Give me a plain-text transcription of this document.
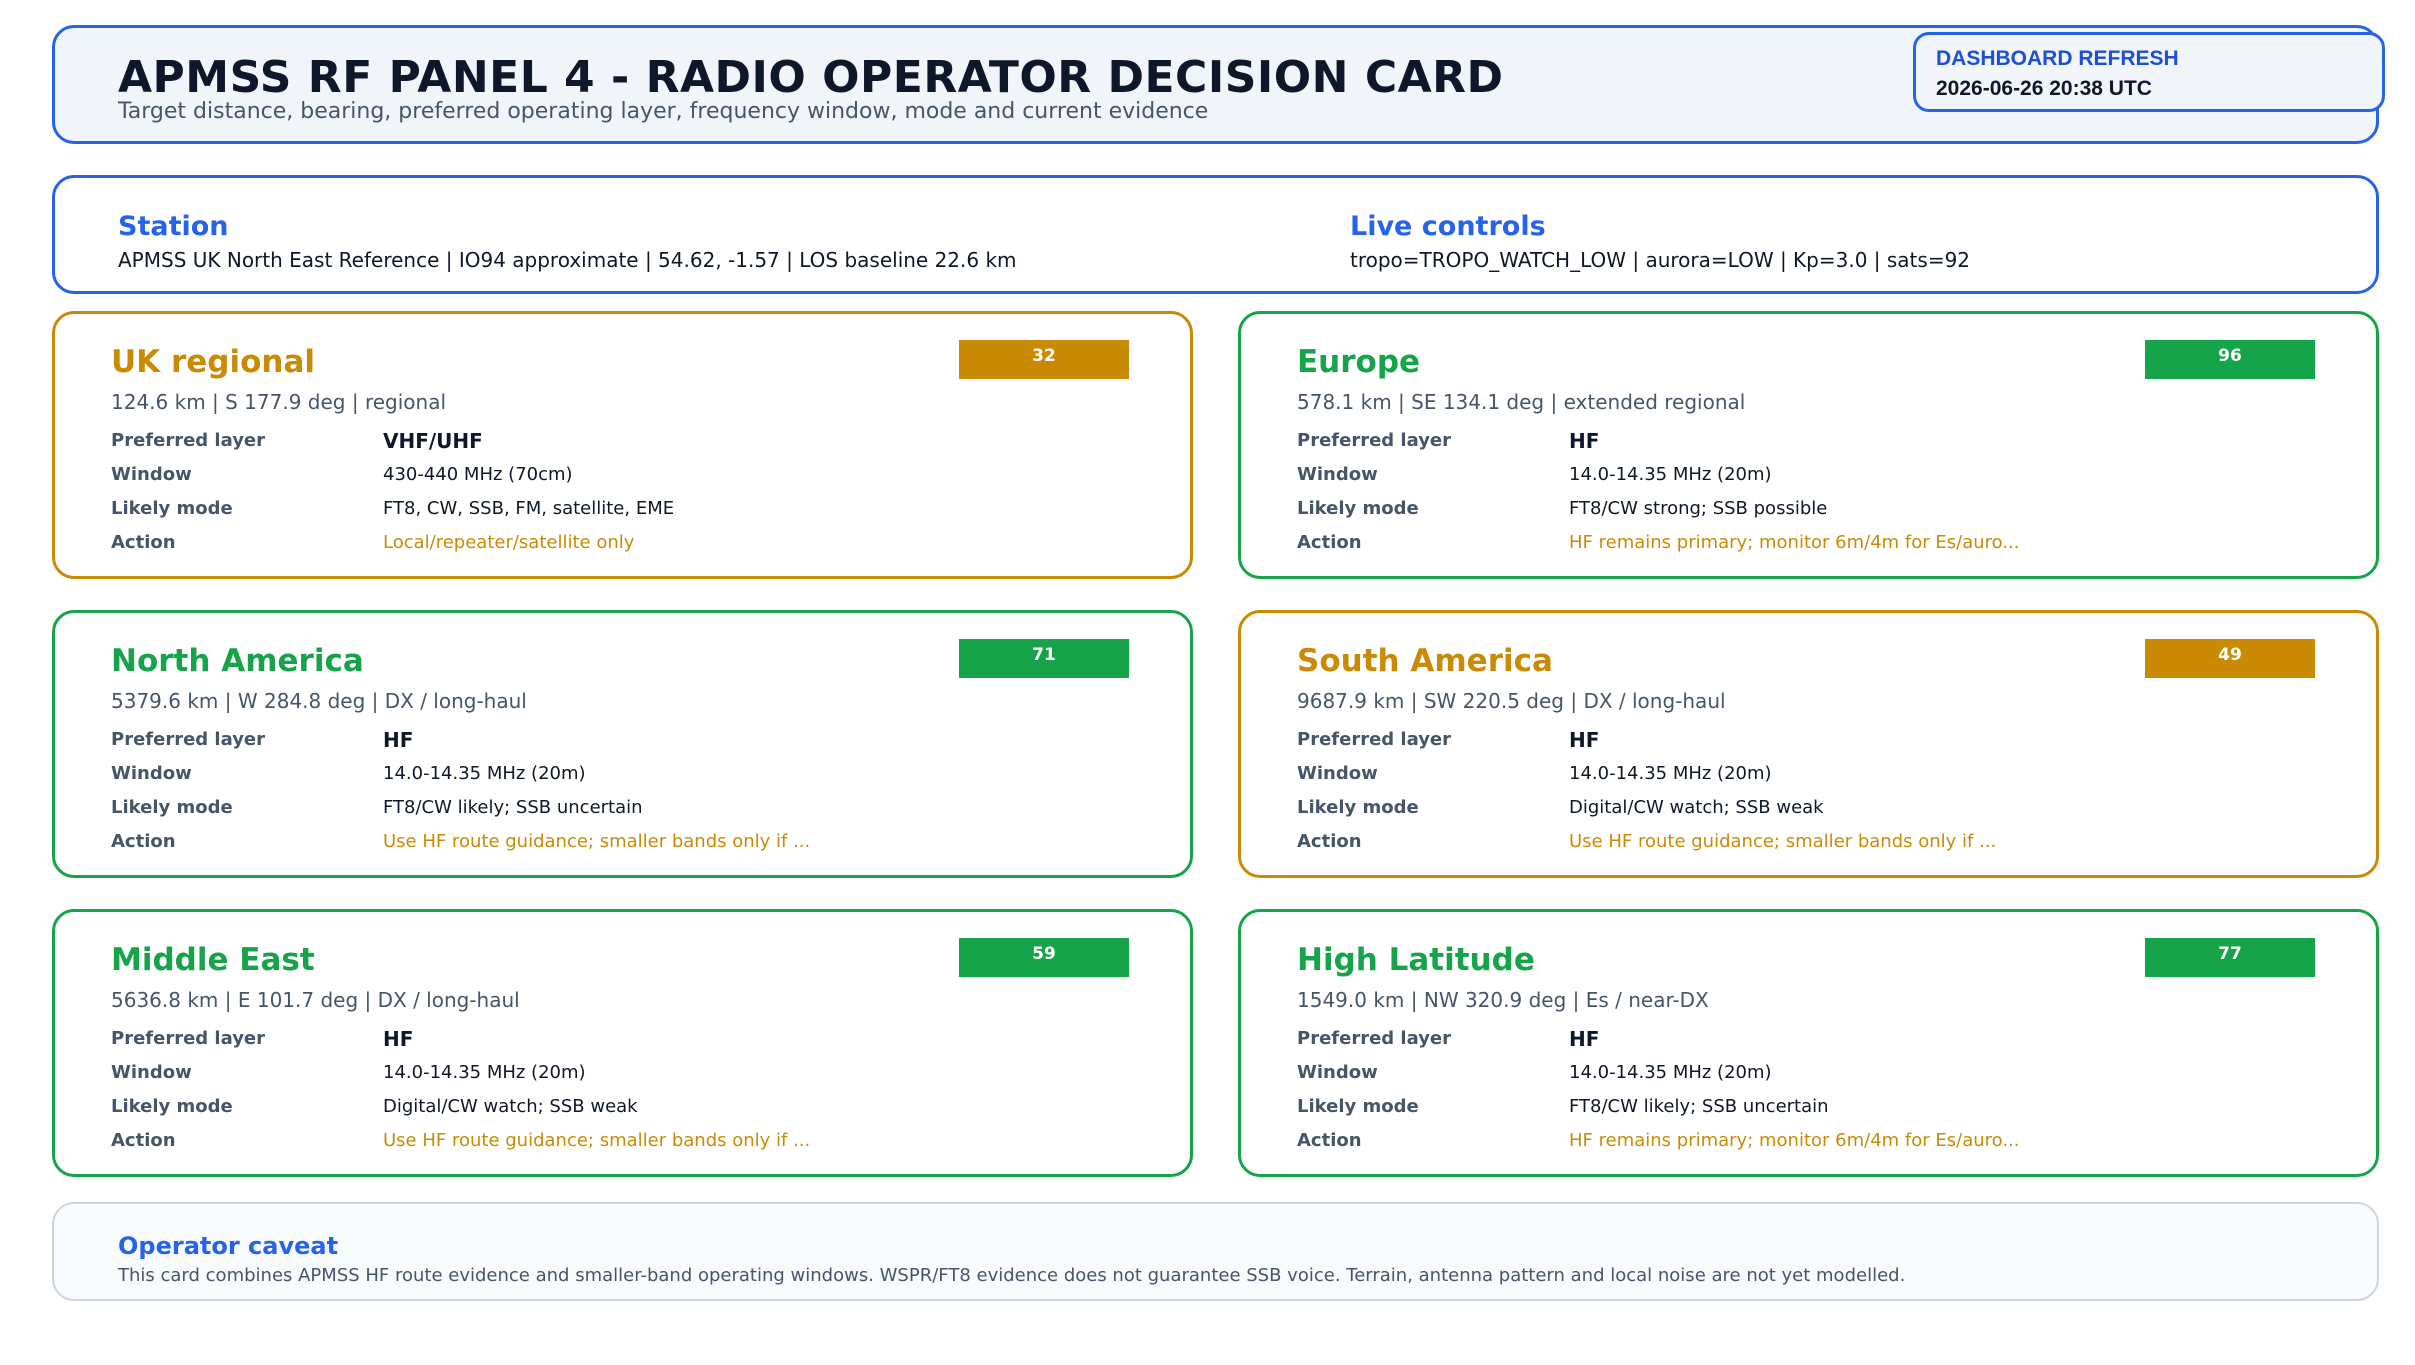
APMSS RF PANEL 4 - RADIO OPERATOR DECISION CARD
Target distance, bearing, preferred operating layer, frequency window, mode and current evidence
DASHBOARD REFRESH
2026-06-26 20:38 UTC
Station

APMSS UK North East Reference | IO94 approximate | 54.62, -1.57 | LOS baseline 22.6 km

Live controls

tropo=TROPO_WATCH_LOW | aurora=LOW | Kp=3.0 | sats=92

UK regional
124.6 km | S 177.9 deg | regional
32
Preferred layer	VHF/UHF
Window	430-440 MHz (70cm)
Likely mode	FT8, CW, SSB, FM, satellite, EME
Action	Local/repeater/satellite only
Europe
578.1 km | SE 134.1 deg | extended regional
96
Preferred layer	HF
Window	14.0-14.35 MHz (20m)
Likely mode	FT8/CW strong; SSB possible
Action	HF remains primary; monitor 6m/4m for Es/auro...
North America
5379.6 km | W 284.8 deg | DX / long-haul
71
Preferred layer	HF
Window	14.0-14.35 MHz (20m)
Likely mode	FT8/CW likely; SSB uncertain
Action	Use HF route guidance; smaller bands only if ...
South America
9687.9 km | SW 220.5 deg | DX / long-haul
49
Preferred layer	HF
Window	14.0-14.35 MHz (20m)
Likely mode	Digital/CW watch; SSB weak
Action	Use HF route guidance; smaller bands only if ...
Middle East
5636.8 km | E 101.7 deg | DX / long-haul
59
Preferred layer	HF
Window	14.0-14.35 MHz (20m)
Likely mode	Digital/CW watch; SSB weak
Action	Use HF route guidance; smaller bands only if ...
High Latitude
1549.0 km | NW 320.9 deg | Es / near-DX
77
Preferred layer	HF
Window	14.0-14.35 MHz (20m)
Likely mode	FT8/CW likely; SSB uncertain
Action	HF remains primary; monitor 6m/4m for Es/auro...
Operator caveat

This card combines APMSS HF route evidence and smaller-band operating windows. WSPR/FT8 evidence does not guarantee SSB voice. Terrain, antenna pattern and local noise are not yet modelled.
